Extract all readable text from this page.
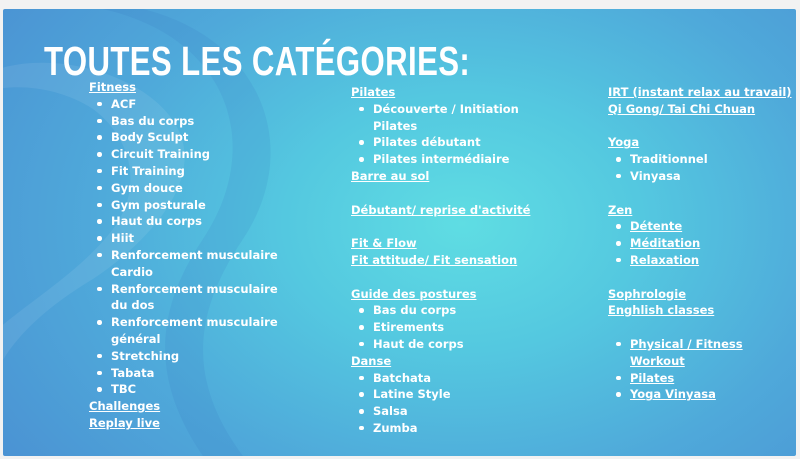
TOUTES LES CATÉGORIES:
Fitness
ACF
Bas du corps
Body Sculpt
Circuit Training
Fit Training
Gym douce
Gym posturale
Haut du corps
Hiit
Renforcement musculaire Cardio
Renforcement musculaire du dos
Renforcement musculaire général
Stretching
Tabata
TBC
Challenges
Replay live
Pilates
Découverte / Initiation Pilates
Pilates débutant
Pilates intermédiaire
Barre au sol
Débutant/ reprise d'activité
Fit & Flow
Fit attitude/ Fit sensation
Guide des postures
Bas du corps
Etirements
Haut de corps
Danse
Batchata
Latine Style
Salsa
Zumba
IRT (instant relax au travail)
Qi Gong/ Tai Chi Chuan
Yoga
Traditionnel
Vinyasa
Zen
Détente
Méditation
Relaxation
Sophrologie
Enghlish classes
Physical / Fitness Workout
Pilates
Yoga Vinyasa
